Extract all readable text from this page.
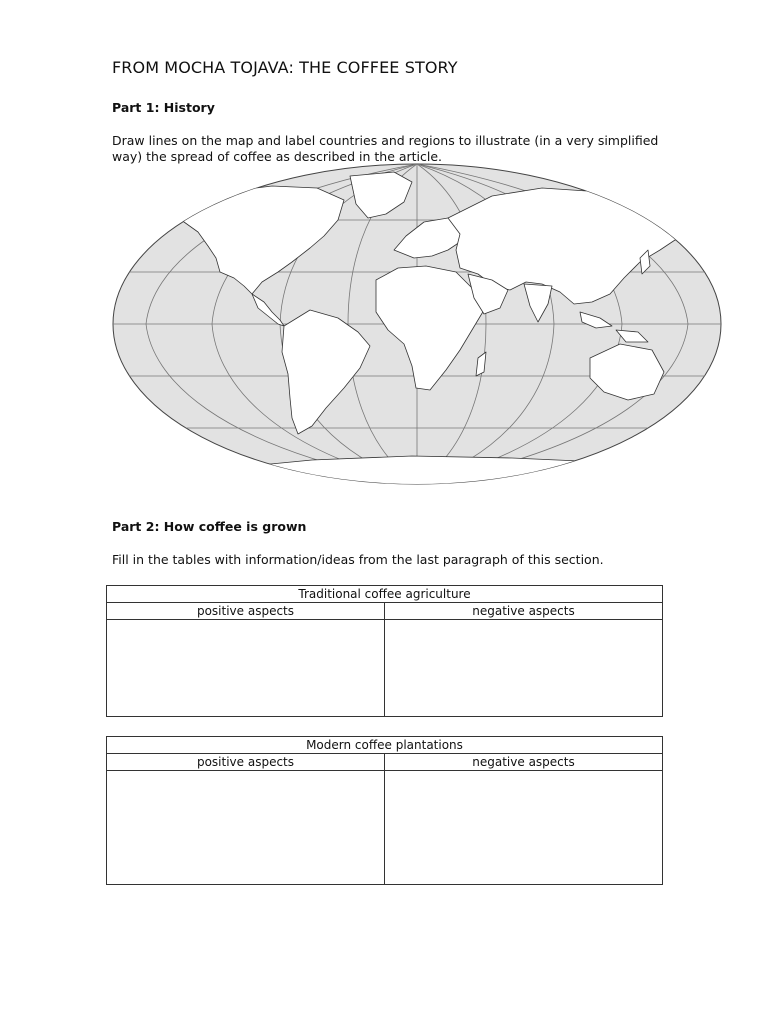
FROM MOCHA TOJAVA: THE COFFEE STORY
Part 1: History
Draw lines on the map and label countries and regions to illustrate (in a very simplified
way) the spread of coffee as described in the article.
Part 2: How coffee is grown
Fill in the tables with information/ideas from the last paragraph of this section.
Traditional coffee agriculture	
positive aspects	negative aspects

Modern coffee plantations	
positive aspects	negative aspects
